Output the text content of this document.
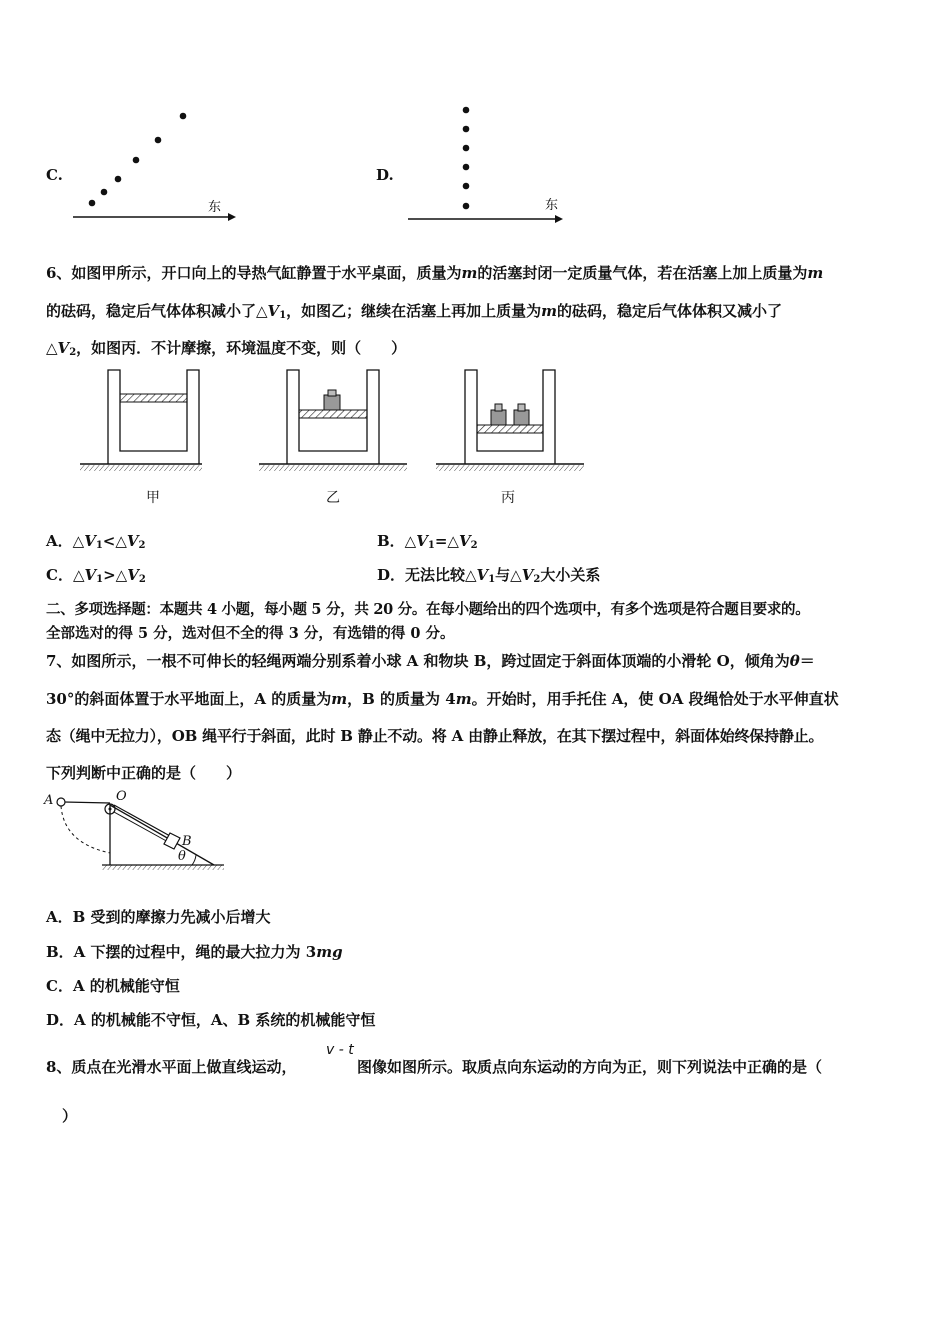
C.
东
D.
东
6、如图甲所示，开口向上的导热气缸静置于水平桌面，质量为m的活塞封闭一定质量气体，若在活塞上加上质量为m
的砝码，稳定后气体体积减小了$\triangle V_1$，如图乙；继续在活塞上再加上质量为m的砝码，稳定后气体体积又减小了
$\triangle V_2$，如图丙．不计摩擦，环境温度不变，则（　　）
甲	乙	丙
A．$\triangle V_1<\triangle V_2$	B．$\triangle V_1=\triangle V_2$
C．$\triangle V_1>\triangle V_2$	D．无法比较$\triangle V_1$与$\triangle V_2$大小关系
二、多项选择题：本题共 4 小题，每小题 5 分，共 20 分。在每小题给出的四个选项中，有多个选项是符合题目要求的。
全部选对的得 5 分，选对但不全的得 3 分，有选错的得 0 分。
7、如图所示，一根不可伸长的轻绳两端分别系着小球 A 和物块 B，跨过固定于斜面体顶端的小滑轮 O，倾角为θ＝
30°的斜面体置于水平地面上，A 的质量为m，B 的质量为 4m。开始时，用手托住 A，使 OA 段绳恰处于水平伸直状
态（绳中无拉力），OB 绳平行于斜面，此时 B 静止不动。将 A 由静止释放，在其下摆过程中，斜面体始终保持静止。
下列判断中正确的是（　　）
A	O
B
θ
A．B 受到的摩擦力先减小后增大
B．A 下摆的过程中，绳的最大拉力为 3mg
C．A 的机械能守恒
D．A 的机械能不守恒，A、B 系统的机械能守恒
8、质点在光滑水平面上做直线运动，
v - t
图像如图所示。取质点向东运动的方向为正，则下列说法中正确的是（
）
